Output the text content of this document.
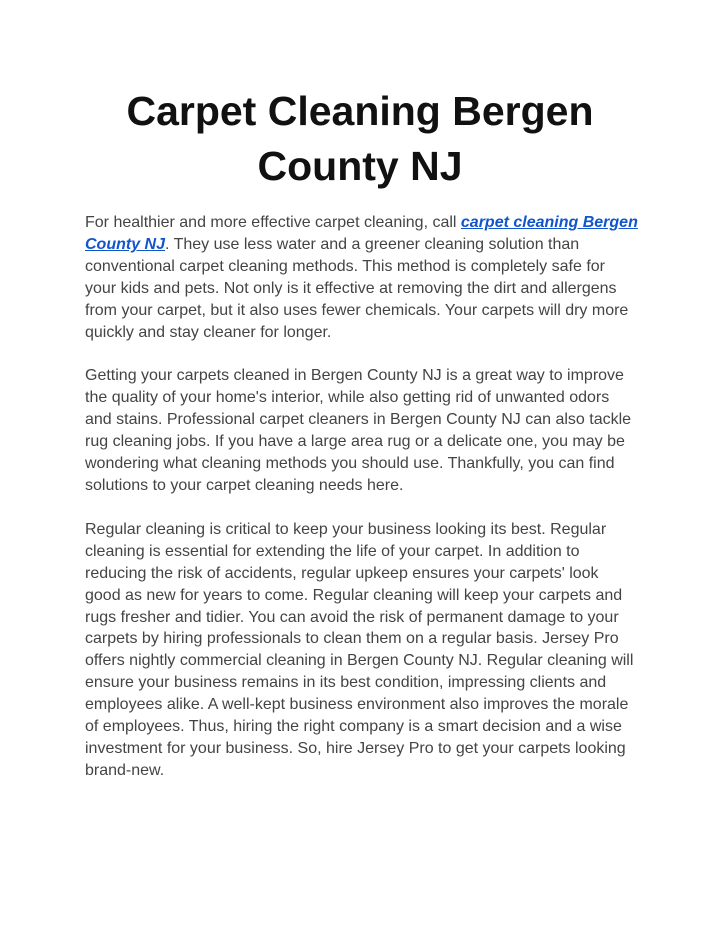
Carpet Cleaning Bergen County NJ

For healthier and more effective carpet cleaning, call carpet cleaning Bergen County NJ. They use less water and a greener cleaning solution than conventional carpet cleaning methods. This method is completely safe for your kids and pets. Not only is it effective at removing the dirt and allergens from your carpet, but it also uses fewer chemicals. Your carpets will dry more quickly and stay cleaner for longer.

Getting your carpets cleaned in Bergen County NJ is a great way to improve the quality of your home's interior, while also getting rid of unwanted odors and stains. Professional carpet cleaners in Bergen County NJ can also tackle rug cleaning jobs. If you have a large area rug or a delicate one, you may be wondering what cleaning methods you should use. Thankfully, you can find solutions to your carpet cleaning needs here.

Regular cleaning is critical to keep your business looking its best. Regular cleaning is essential for extending the life of your carpet. In addition to reducing the risk of accidents, regular upkeep ensures your carpets' look good as new for years to come. Regular cleaning will keep your carpets and rugs fresher and tidier. You can avoid the risk of permanent damage to your carpets by hiring professionals to clean them on a regular basis. Jersey Pro offers nightly commercial cleaning in Bergen County NJ. Regular cleaning will ensure your business remains in its best condition, impressing clients and employees alike. A well-kept business environment also improves the morale of employees. Thus, hiring the right company is a smart decision and a wise investment for your business. So, hire Jersey Pro to get your carpets looking brand-new.
